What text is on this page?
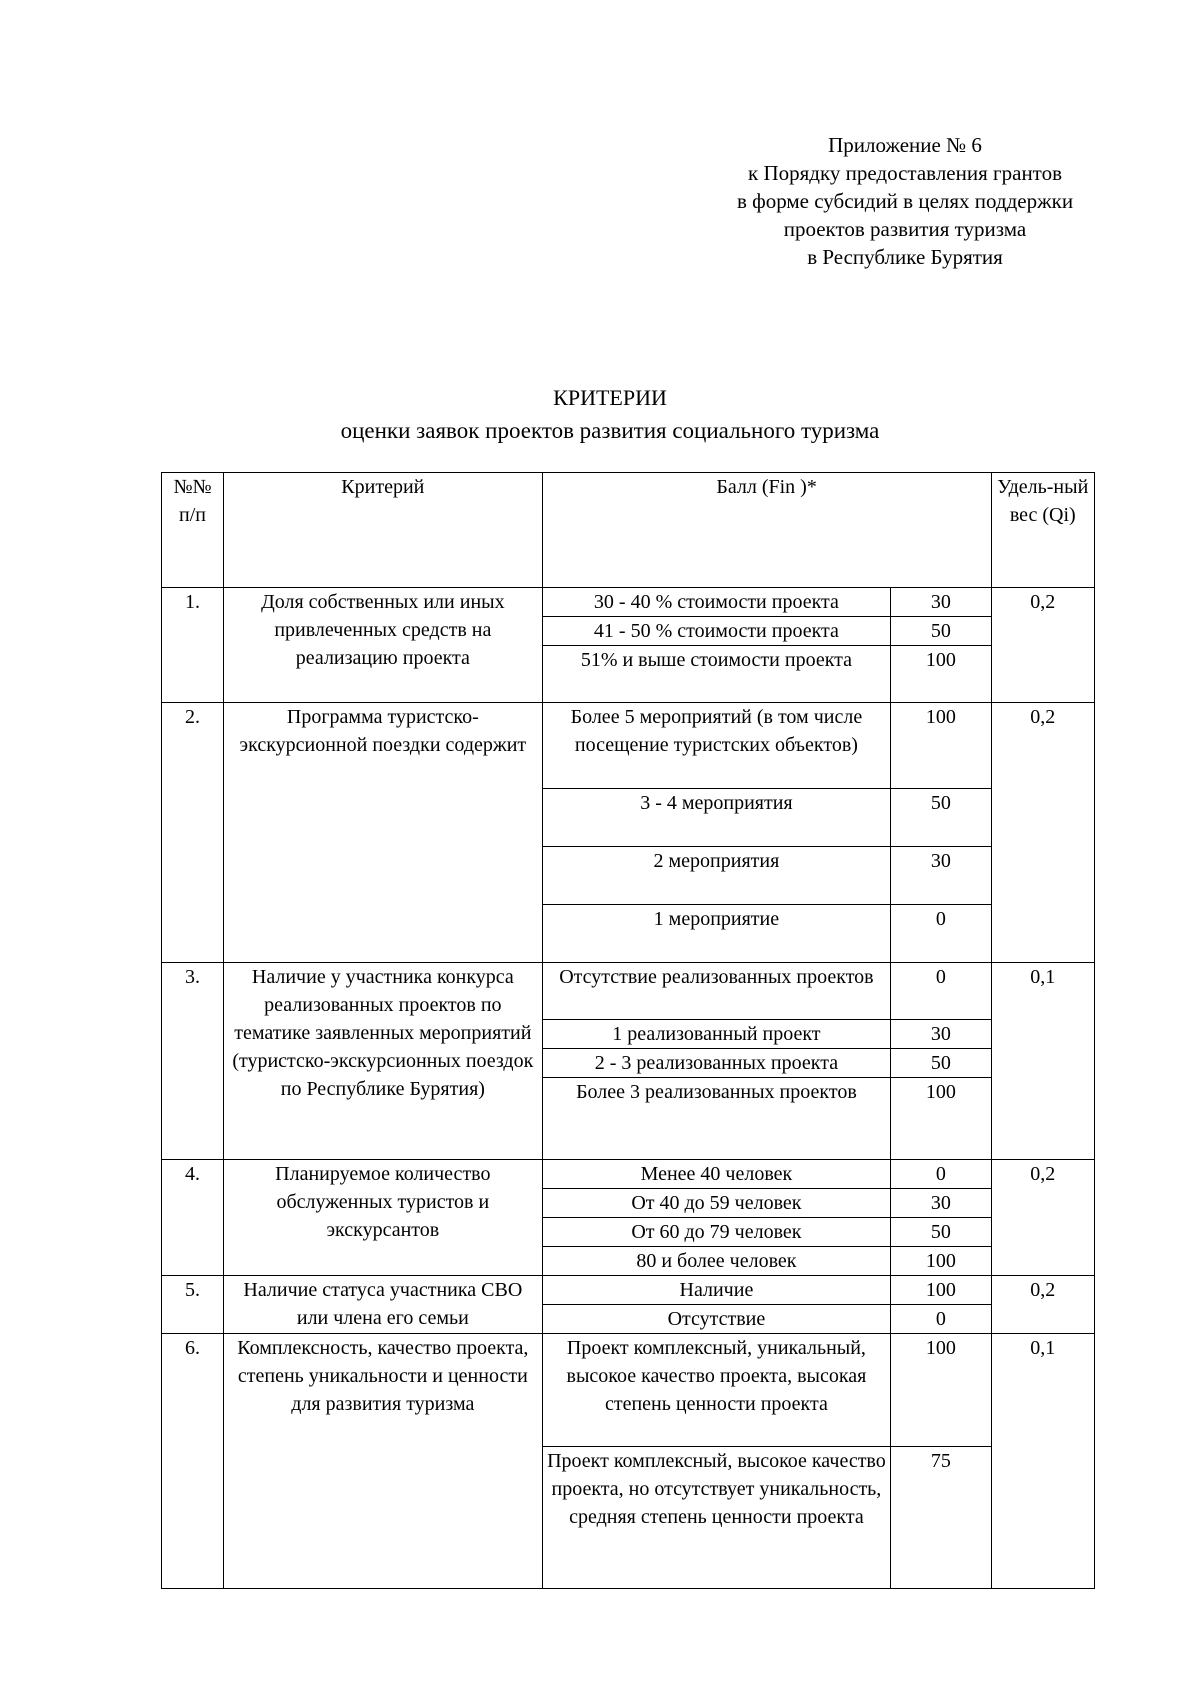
Приложение № 6
к Порядку предоставления грантов
в форме субсидий в целях поддержки
проектов развития туризма
в Республике Бурятия
КРИТЕРИИ
оценки заявок проектов развития социального туризма
№№ п/п	Критерий	Балл (Fin )*		Удель-ный вес (Qi)
1.	Доля собственных или иных привлеченных средств на реализацию проекта	30 - 40 % стоимости проекта	30	0,2
		41 - 50 % стоимости проекта	50	
		51% и выше стоимости проекта	100	
2.	Программа туристско-экскурсионной поездки содержит	Более 5 мероприятий (в том числе посещение туристских объектов)	100	0,2
		3 - 4 мероприятия	50	
		2 мероприятия	30	
		1 мероприятие	0	
3.	Наличие у участника конкурса реализованных проектов по тематике заявленных мероприятий (туристско-экскурсионных поездок по Республике Бурятия)	Отсутствие реализованных проектов	0	0,1
		1 реализованный проект	30	
		2 - 3 реализованных проекта	50	
		Более 3 реализованных проектов	100	
4.	Планируемое количество обслуженных туристов и экскурсантов	Менее 40 человек	0	0,2
		От 40 до 59 человек	30	
		От 60 до 79 человек	50	
		80 и более человек	100	
5.	Наличие статуса участника СВО или члена его семьи	Наличие	100	0,2
		Отсутствие	0	
6.	Комплексность, качество проекта, степень уникальности и ценности для развития туризма	Проект комплексный, уникальный, высокое качество проекта, высокая степень ценности проекта	100	0,1
		Проект комплексный, высокое качество проекта, но отсутствует уникальность, средняя степень ценности проекта	75	
